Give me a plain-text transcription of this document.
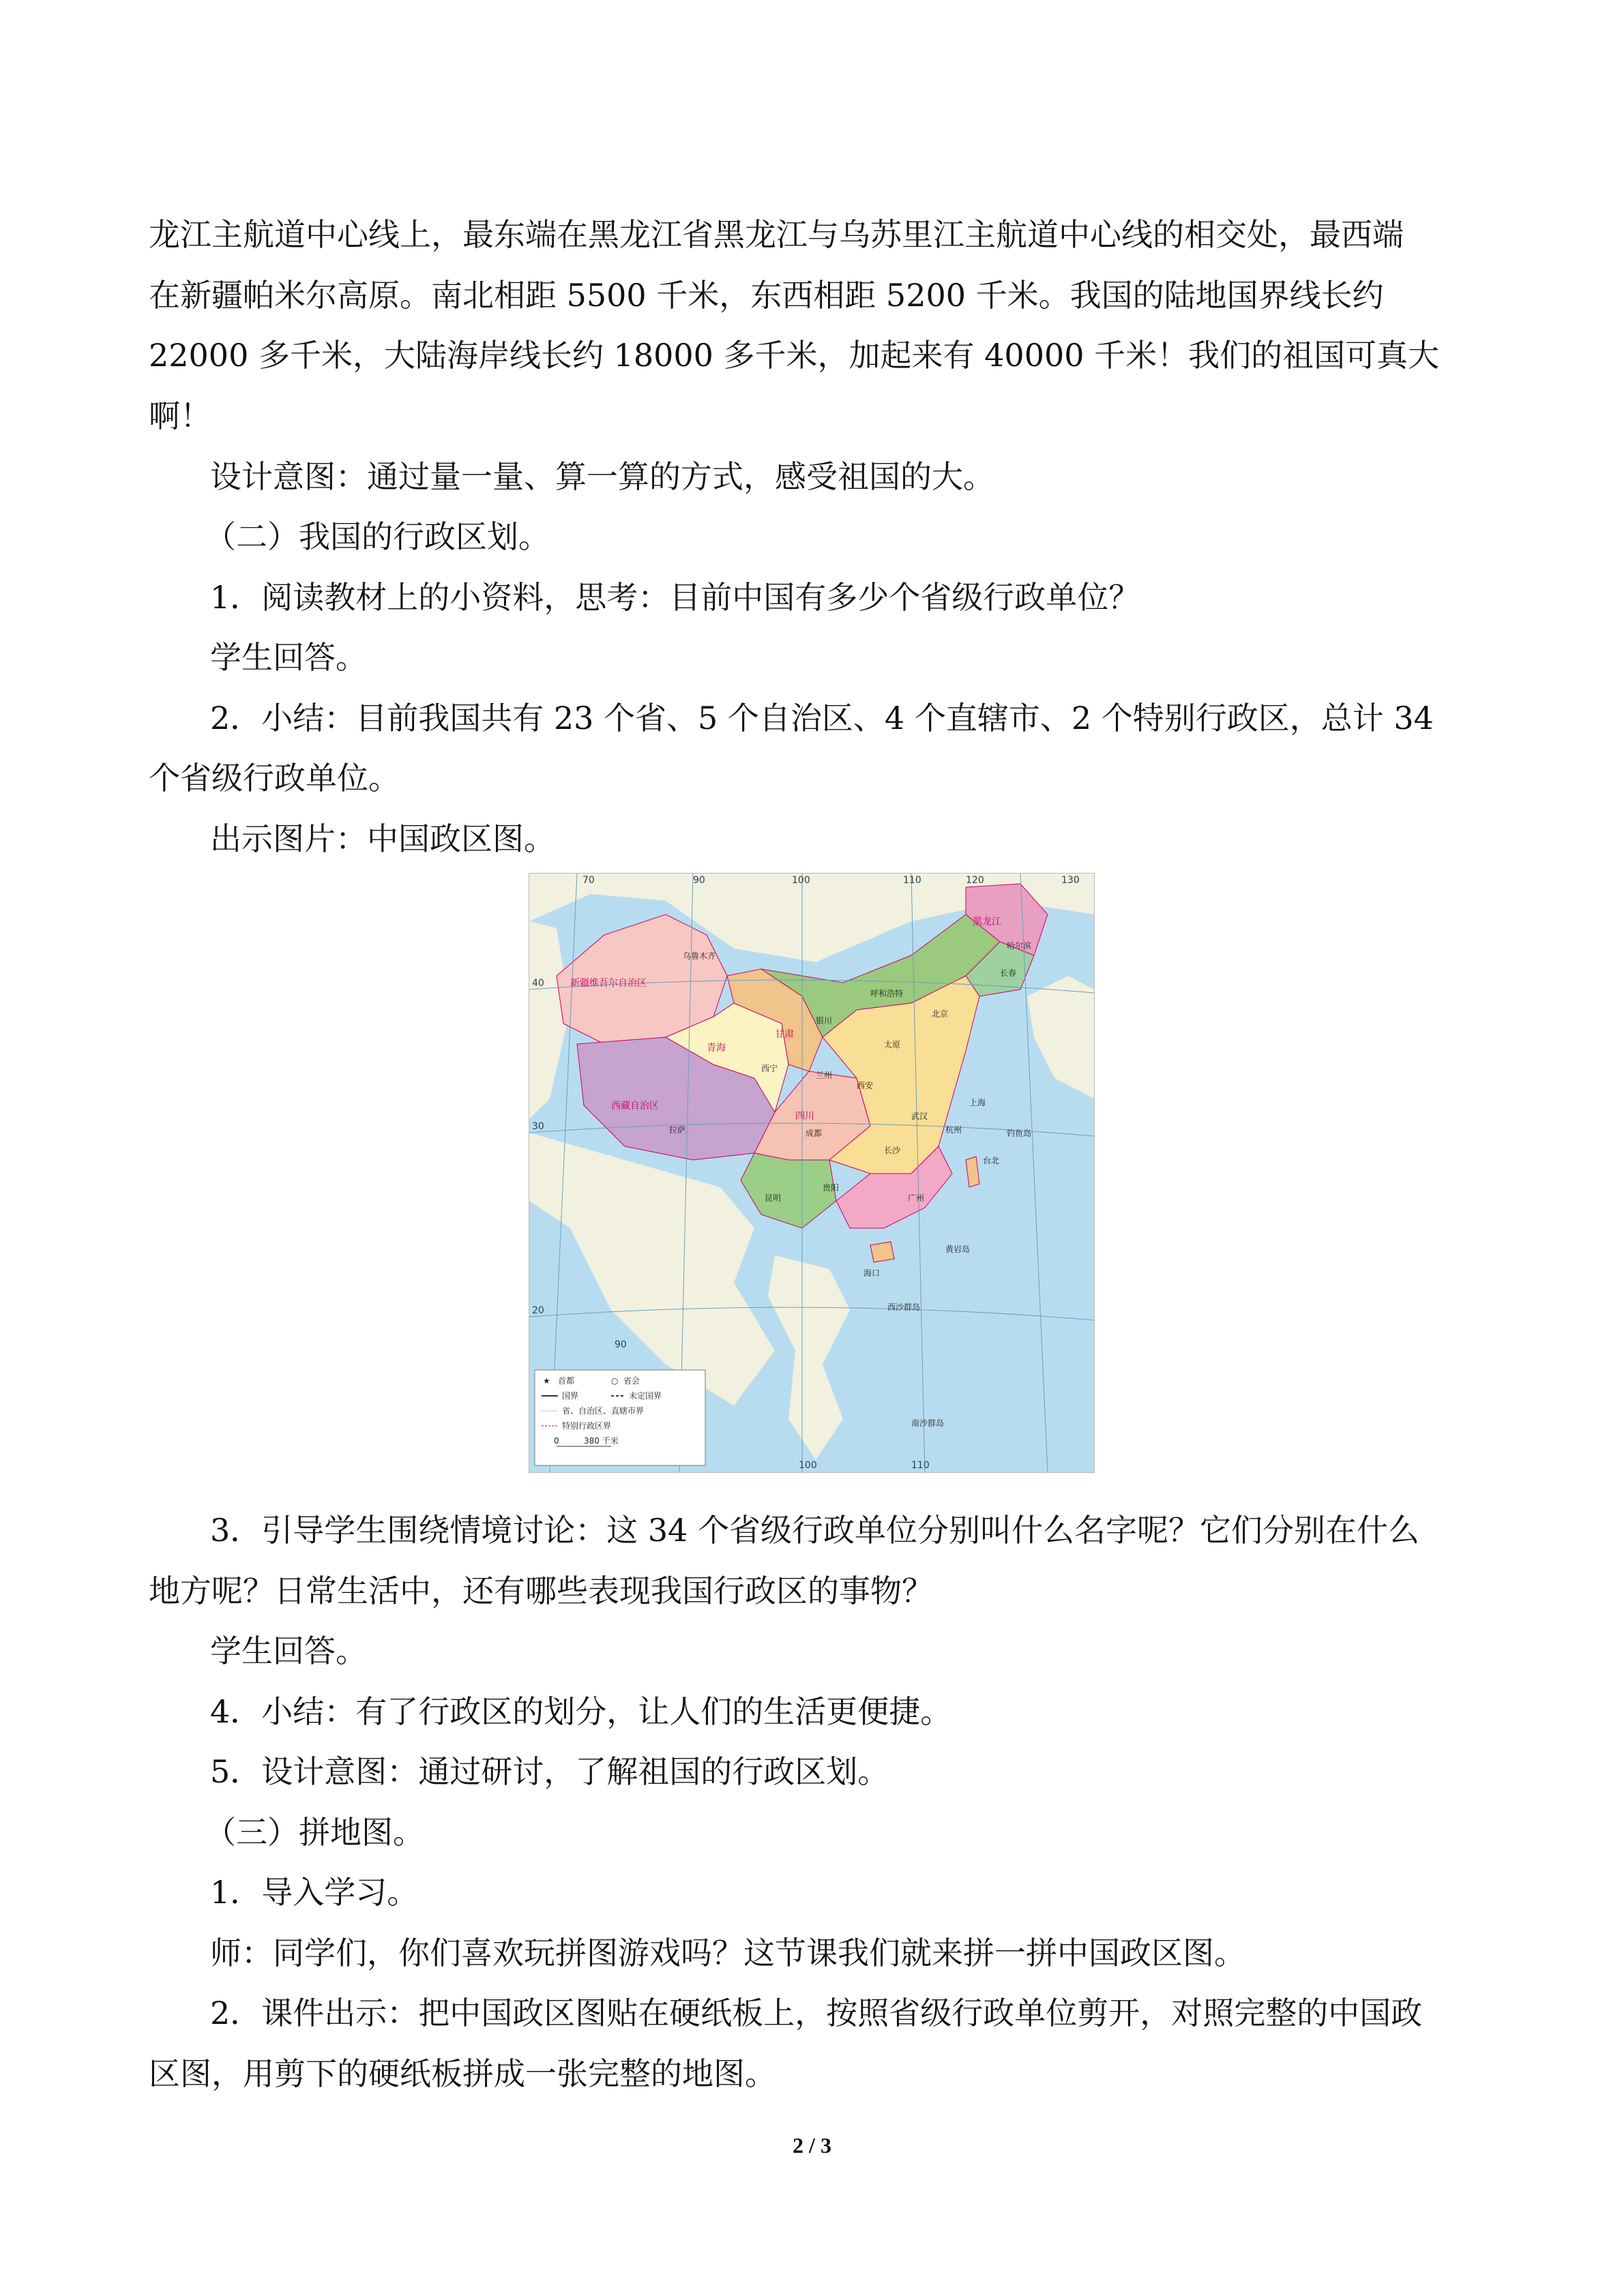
龙江主航道中心线上，最东端在黑龙江省黑龙江与乌苏里江主航道中心线的相交处，最西端
在新疆帕米尔高原。南北相距 5500 千米，东西相距 5200 千米。我国的陆地国界线长约
22000 多千米，大陆海岸线长约 18000 多千米，加起来有 40000 千米！我们的祖国可真大
啊！
设计意图：通过量一量、算一算的方式，感受祖国的大。
（二）我国的行政区划。
1．阅读教材上的小资料，思考：目前中国有多少个省级行政单位？
学生回答。
2．小结：目前我国共有 23 个省、5 个自治区、4 个直辖市、2 个特别行政区，总计 34
个省级行政单位。
出示图片：中国政区图。
70	90	100	110	120	130
40
30
20
90
100	110
新疆维吾尔自治区
西藏自治区
青海
甘肃
四川
黑龙江
乌鲁木齐
拉萨
西宁
银川
兰州
成都
昆明
贵阳
哈尔滨
长春
呼和浩特
北京
太原
西安
上海
武汉
长沙
杭州
广州
海口
台北
钓鱼岛
黄岩岛
西沙群岛
南沙群岛
★ 首都	○ 省会
国界	未定国界
省、自治区、直辖市界
特别行政区界
0	380 千米
3．引导学生围绕情境讨论：这 34 个省级行政单位分别叫什么名字呢？它们分别在什么
地方呢？日常生活中，还有哪些表现我国行政区的事物？
学生回答。
4．小结：有了行政区的划分，让人们的生活更便捷。
5．设计意图：通过研讨，了解祖国的行政区划。
（三）拼地图。
1．导入学习。
师：同学们，你们喜欢玩拼图游戏吗？这节课我们就来拼一拼中国政区图。
2．课件出示：把中国政区图贴在硬纸板上，按照省级行政单位剪开，对照完整的中国政
区图，用剪下的硬纸板拼成一张完整的地图。
2 / 3
